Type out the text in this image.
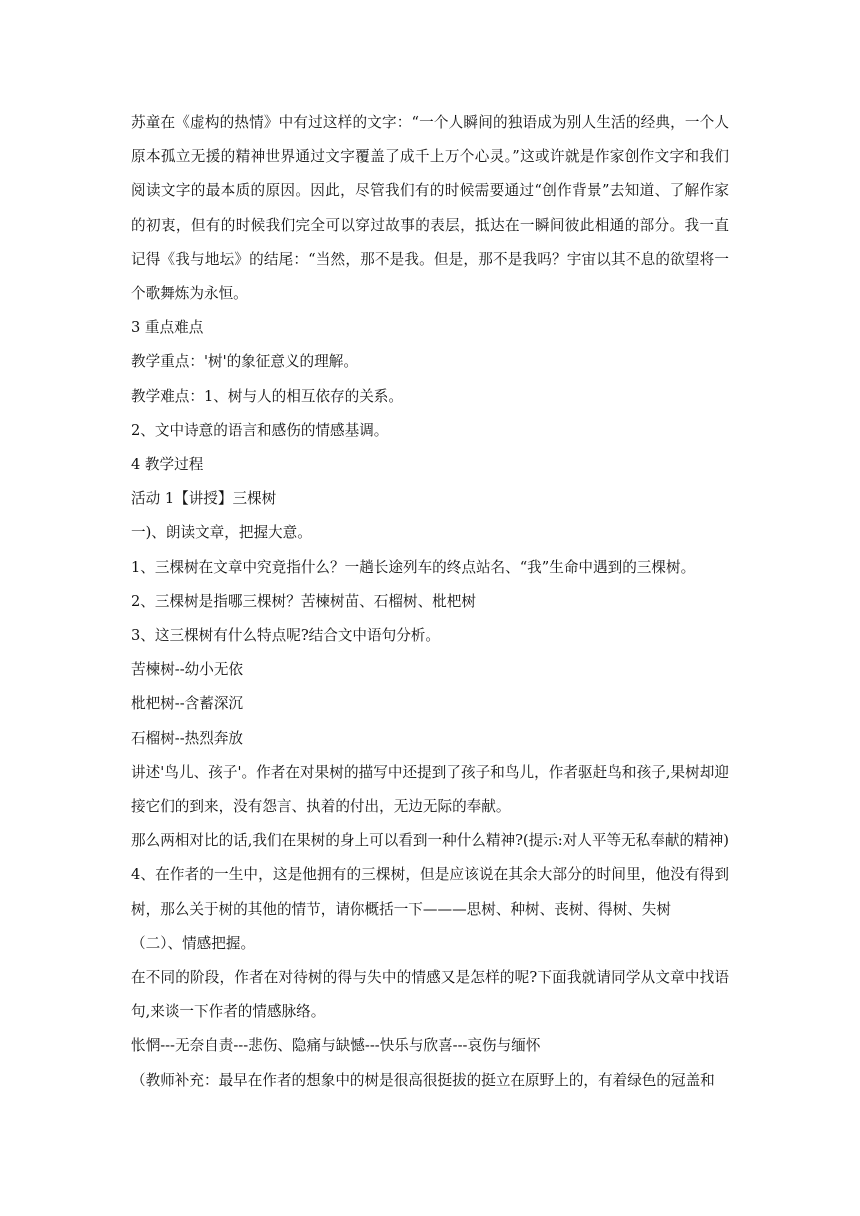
苏童在《虚构的热情》中有过这样的文字：“一个人瞬间的独语成为别人生活的经典，一个人原本孤立无援的精神世界通过文字覆盖了成千上万个心灵。”这或许就是作家创作文字和我们阅读文字的最本质的原因。因此，尽管我们有的时候需要通过“创作背景”去知道、了解作家的初衷，但有的时候我们完全可以穿过故事的表层，抵达在一瞬间彼此相通的部分。我一直记得《我与地坛》的结尾：“当然，那不是我。但是，那不是我吗？宇宙以其不息的欲望将一个歌舞炼为永恒。

3 重点难点

教学重点：'树'的象征意义的理解。

教学难点：1、树与人的相互依存的关系。

2、文中诗意的语言和感伤的情感基调。

4 教学过程

活动 1【讲授】三棵树

一)、朗读文章，把握大意。

1、三棵树在文章中究竟指什么？一趟长途列车的终点站名、“我”生命中遇到的三棵树。

2、三棵树是指哪三棵树？苦楝树苗、石榴树、枇杷树

3、这三棵树有什么特点呢?结合文中语句分析。

苦楝树--幼小无依

枇杷树--含蓄深沉

石榴树--热烈奔放

讲述'鸟儿、孩子'。作者在对果树的描写中还提到了孩子和鸟儿，作者驱赶鸟和孩子,果树却迎接它们的到来，没有怨言、执着的付出，无边无际的奉献。

那么两相对比的话,我们在果树的身上可以看到一种什么精神?(提示:对人平等无私奉献的精神)

4、在作者的一生中，这是他拥有的三棵树，但是应该说在其余大部分的时间里，他没有得到树，那么关于树的其他的情节，请你概括一下———思树、种树、丧树、得树、失树

（二）、情感把握。

在不同的阶段，作者在对待树的得与失中的情感又是怎样的呢?下面我就请同学从文章中找语句,来谈一下作者的情感脉络。

怅惘---无奈自责---悲伤、隐痛与缺憾---快乐与欣喜---哀伤与缅怀

（教师补充：最早在作者的想象中的树是很高很挺拔的挺立在原野上的，有着绿色的冠盖和
